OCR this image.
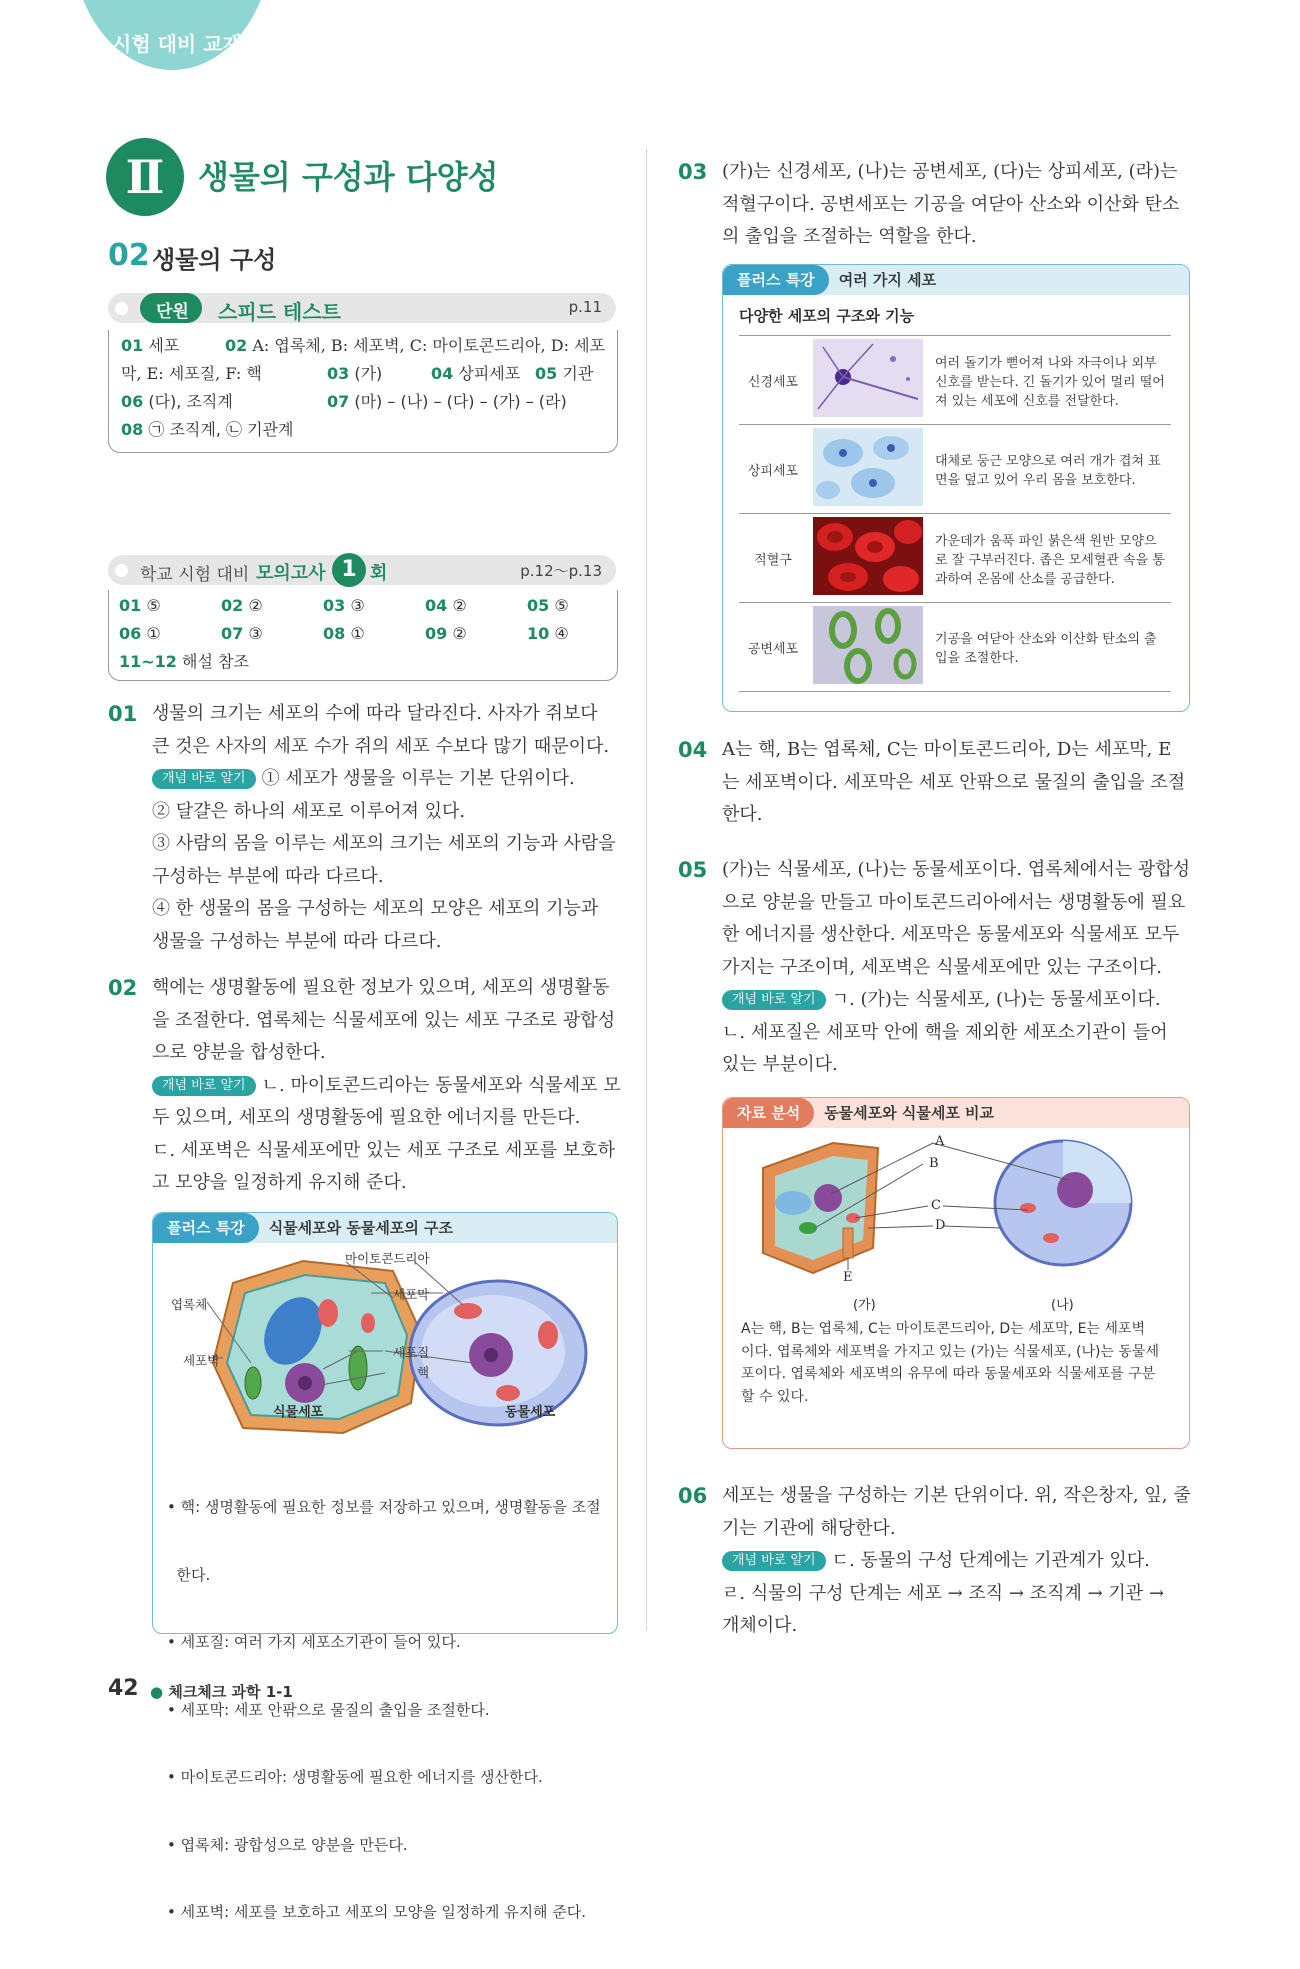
시험 대비 교재
Ⅱ	생물의 구성과 다양성
02 생물의 구성
단원 스피드 테스트	p.11
01 세포	02 A: 엽록체, B: 세포벽, C: 마이토콘드리아, D: 세포
막, E: 세포질, F: 핵	03 (가)	04 상피세포 05 기관
06 (다), 조직계	07 (마) – (나) – (다) – (가) – (라)
08 ㉠ 조직계, ㉡ 기관계
학교 시험 대비 모의고사 1 회	p.12～p.13
01 ⑤	02 ②	03 ③	04 ②	05 ⑤
06 ①	07 ③	08 ①	09 ②	10 ④
11~12 해설 참조
01 생물의 크기는 세포의 수에 따라 달라진다. 사자가 쥐보다
큰 것은 사자의 세포 수가 쥐의 세포 수보다 많기 때문이다.
개념 바로 알기 ① 세포가 생물을 이루는 기본 단위이다.
② 달걀은 하나의 세포로 이루어져 있다.
③ 사람의 몸을 이루는 세포의 크기는 세포의 기능과 사람을
구성하는 부분에 따라 다르다.
④ 한 생물의 몸을 구성하는 세포의 모양은 세포의 기능과
생물을 구성하는 부분에 따라 다르다.
02 핵에는 생명활동에 필요한 정보가 있으며, 세포의 생명활동
을 조절한다. 엽록체는 식물세포에 있는 세포 구조로 광합성
으로 양분을 합성한다.
개념 바로 알기 ㄴ. 마이토콘드리아는 동물세포와 식물세포 모
두 있으며, 세포의 생명활동에 필요한 에너지를 만든다.
ㄷ. 세포벽은 식물세포에만 있는 세포 구조로 세포를 보호하
고 모양을 일정하게 유지해 준다.
플러스 특강 식물세포와 동물세포의 구조
마이토콘드리아
엽록체
세포막
세포벽
세포질
핵
식물세포	동물세포

• 핵: 생명활동에 필요한 정보를 저장하고 있으며, 생명활동을 조절

한다.

• 세포질: 여러 가지 세포소기관이 들어 있다.

• 세포막: 세포 안팎으로 물질의 출입을 조절한다.

• 마이토콘드리아: 생명활동에 필요한 에너지를 생산한다.

• 엽록체: 광합성으로 양분을 만든다.

• 세포벽: 세포를 보호하고 세포의 모양을 일정하게 유지해 준다.

03 (가)는 신경세포, (나)는 공변세포, (다)는 상피세포, (라)는
적혈구이다. 공변세포는 기공을 여닫아 산소와 이산화 탄소
의 출입을 조절하는 역할을 한다.
플러스 특강 여러 가지 세포
다양한 세포의 구조와 기능
신경세포		여러 돌기가 뻗어져 나와 자극이나 외부
신호를 받는다. 긴 돌기가 있어 멀리 떨어
져 있는 세포에 신호를 전달한다.

상피세포		대체로 둥근 모양으로 여러 개가 겹쳐 표
면을 덮고 있어 우리 몸을 보호한다.

적혈구		가운데가 움푹 파인 붉은색 원반 모양으
로 잘 구부러진다. 좁은 모세혈관 속을 통
과하여 온몸에 산소를 공급한다.

공변세포		기공을 여닫아 산소와 이산화 탄소의 출
입을 조절한다.
04 A는 핵, B는 엽록체, C는 마이토콘드리아, D는 세포막, E
는 세포벽이다. 세포막은 세포 안팎으로 물질의 출입을 조절
한다.
05 (가)는 식물세포, (나)는 동물세포이다. 엽록체에서는 광합성
으로 양분을 만들고 마이토콘드리아에서는 생명활동에 필요
한 에너지를 생산한다. 세포막은 동물세포와 식물세포 모두
가지는 구조이며, 세포벽은 식물세포에만 있는 구조이다.
개념 바로 알기 ㄱ. (가)는 식물세포, (나)는 동물세포이다.
ㄴ. 세포질은 세포막 안에 핵을 제외한 세포소기관이 들어
있는 부분이다.
자료 분석 동물세포와 식물세포 비교
A
B
C
D
E
(가)	(나)
A는 핵, B는 엽록체, C는 마이토콘드리아, D는 세포막, E는 세포벽
이다. 엽록체와 세포벽을 가지고 있는 (가)는 식물세포, (나)는 동물세
포이다. 엽록체와 세포벽의 유무에 따라 동물세포와 식물세포를 구분
할 수 있다.
06 세포는 생물을 구성하는 기본 단위이다. 위, 작은창자, 잎, 줄
기는 기관에 해당한다.
개념 바로 알기 ㄷ. 동물의 구성 단계에는 기관계가 있다.
ㄹ. 식물의 구성 단계는 세포 → 조직 → 조직계 → 기관 →
개체이다.
42 ● 체크체크 과학 1-1
